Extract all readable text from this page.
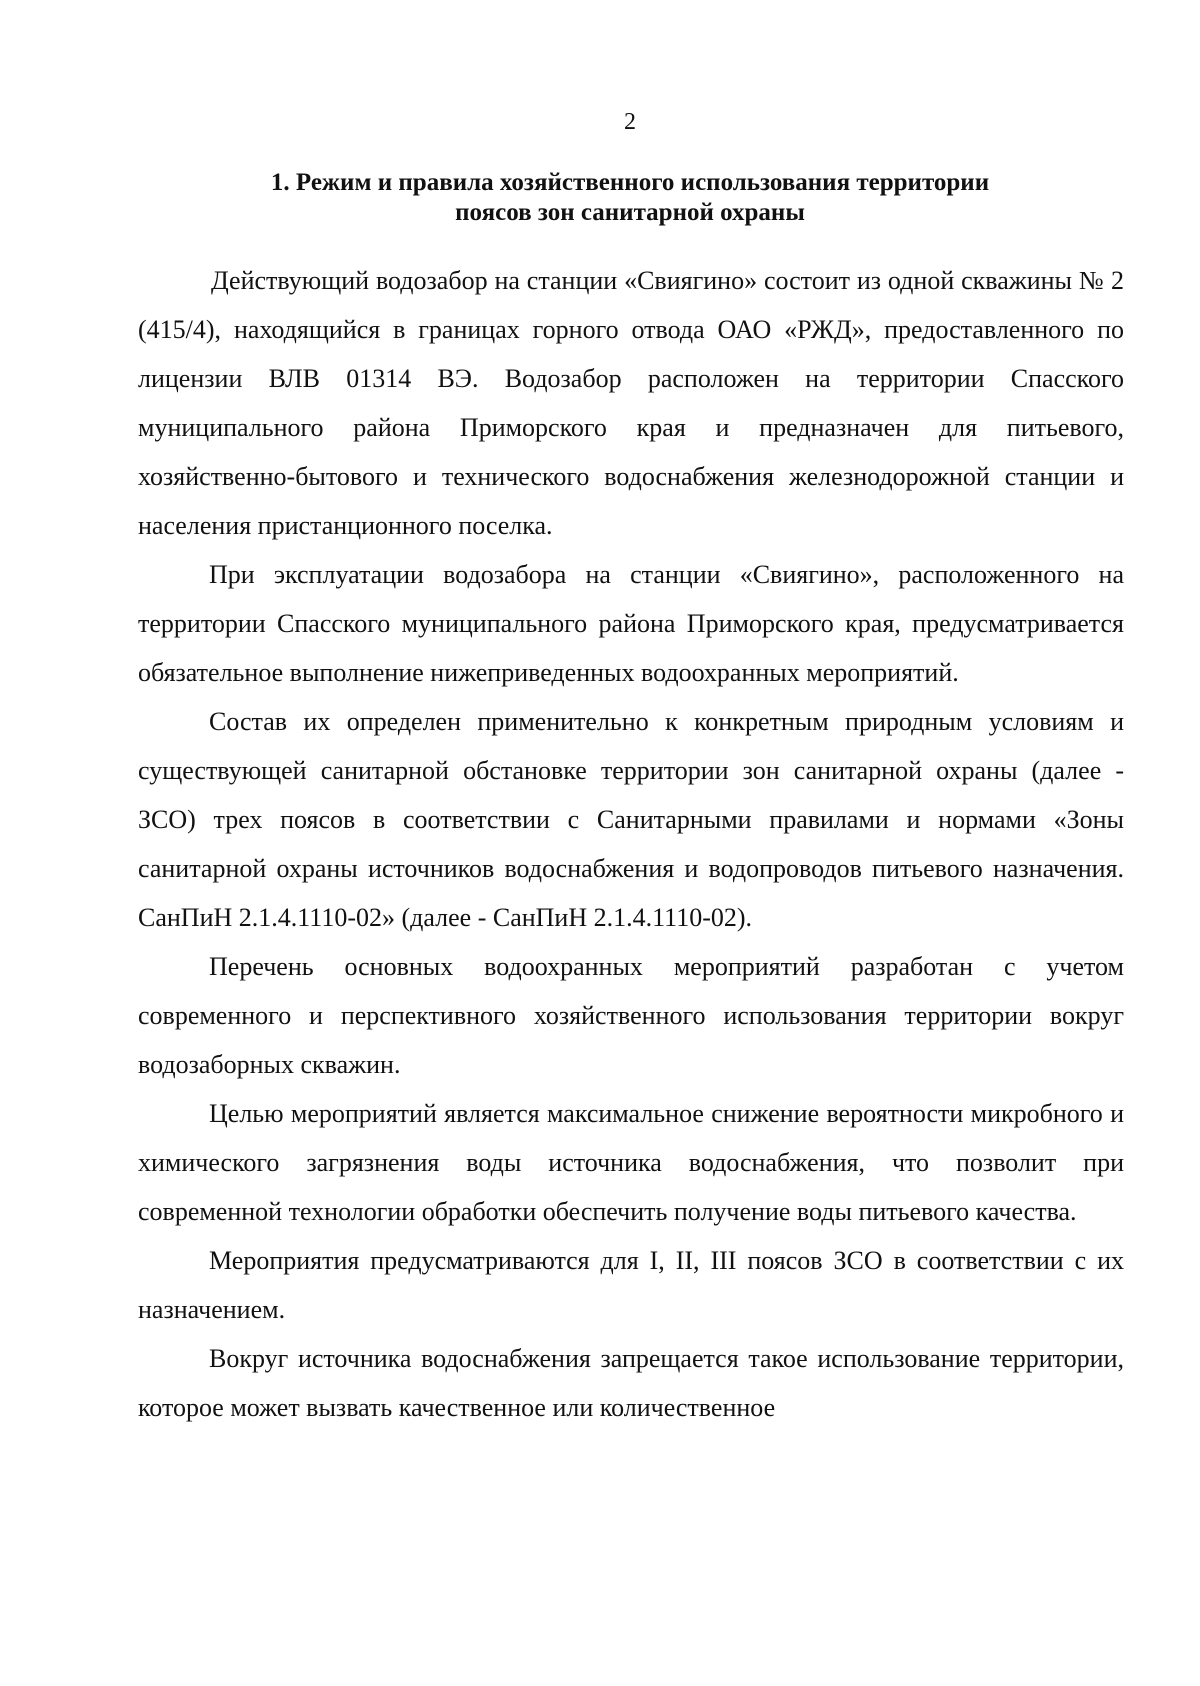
2
1. Режим и правила хозяйственного использования территории
поясов зон санитарной охраны

Действующий водозабор на станции «Свиягино» состоит из одной скважины № 2 (415/4), находящийся в границах горного отвода ОАО «РЖД», предоставленного по лицензии ВЛВ 01314 ВЭ. Водозабор расположен на территории Спасского муниципального района Приморского края и предназначен для питьевого, хозяйственно-бытового и технического водоснабжения железнодорожной станции и населения пристанционного поселка.

При эксплуатации водозабора на станции «Свиягино», расположенного на территории Спасского муниципального района Приморского края, предусматривается обязательное выполнение нижеприведенных водоохранных мероприятий.

Состав их определен применительно к конкретным природным условиям и существующей санитарной обстановке территории зон санитарной охраны (далее - ЗСО) трех поясов в соответствии с Санитарными правилами и нормами «Зоны санитарной охраны источников водоснабжения и водопроводов питьевого назначения. СанПиН 2.1.4.1110-02» (далее - СанПиН 2.1.4.1110-02).

Перечень основных водоохранных мероприятий разработан с учетом современного и перспективного хозяйственного использования территории вокруг водозаборных скважин.

Целью мероприятий является максимальное снижение вероятности микробного и химического загрязнения воды источника водоснабжения, что позволит при современной технологии обработки обеспечить получение воды питьевого качества.

Мероприятия предусматриваются для I, II, III поясов ЗСО в соответствии с их назначением.

Вокруг источника водоснабжения запрещается такое использование территории, которое может вызвать качественное или количественное
